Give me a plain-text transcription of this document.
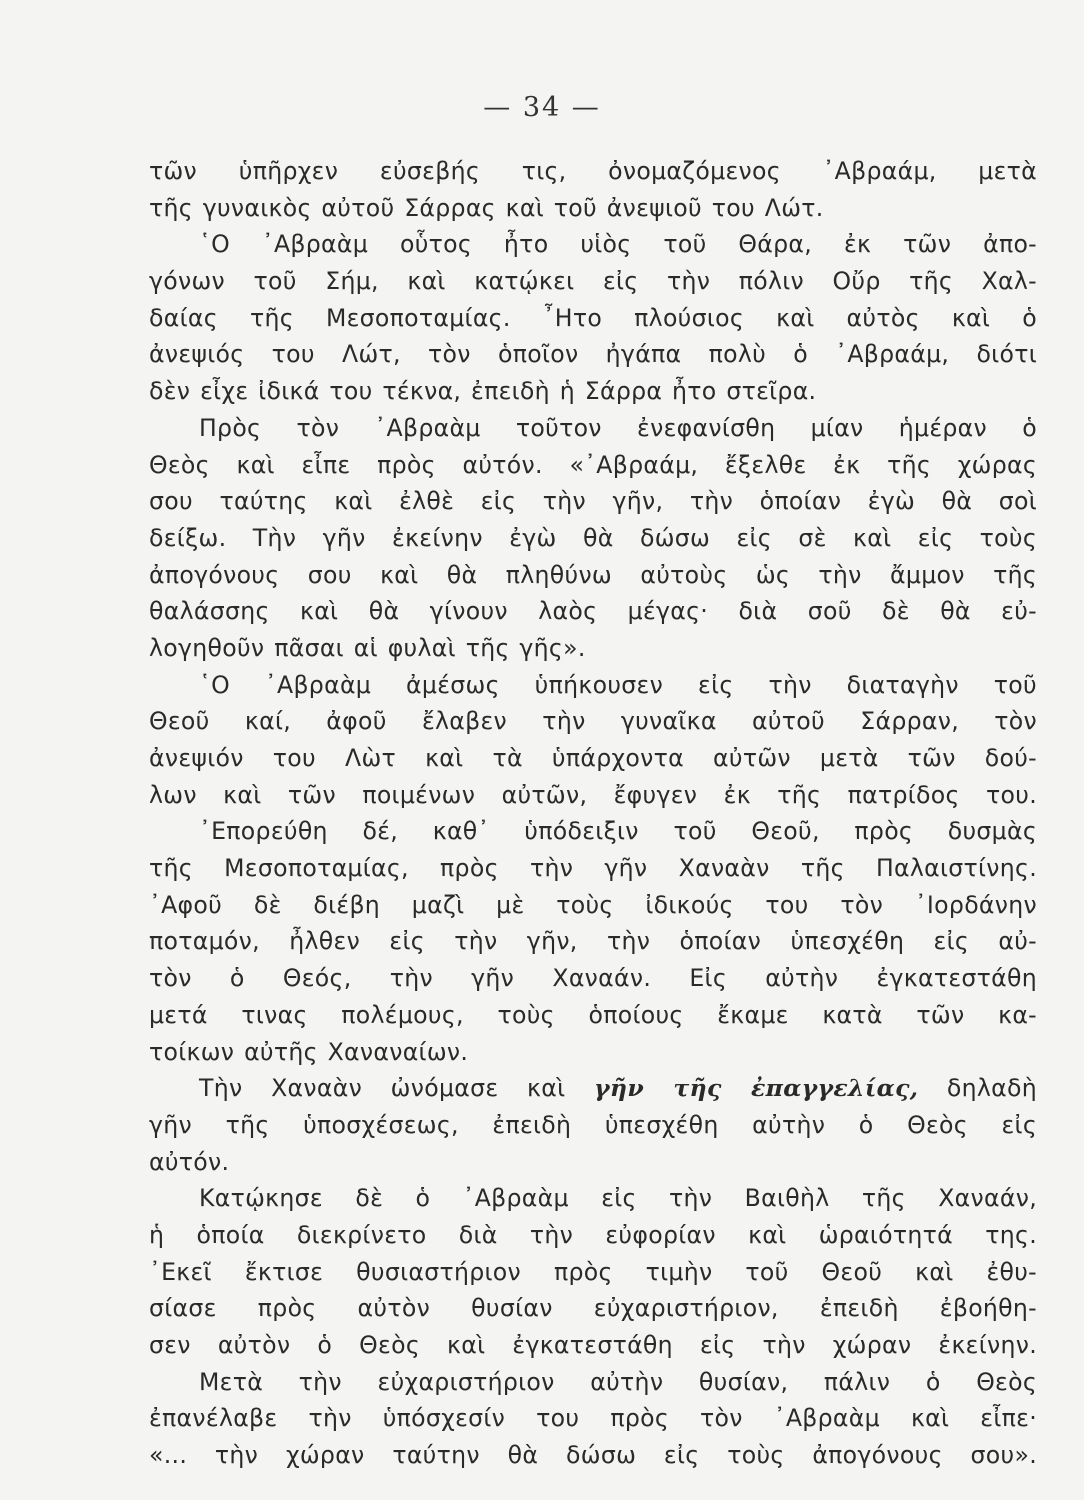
— 34 —
τῶν ὑπῆρχεν εὐσεβής τις, ὀνομαζόμενος ᾿Αβραάμ, μετὰ
τῆς γυναικὸς αὐτοῦ Σάρρας καὶ τοῦ ἀνεψιοῦ του Λώτ.
῾Ο ᾿Αβραὰμ οὗτος ἦτο υἱὸς τοῦ Θάρα, ἐκ τῶν ἀπο-
γόνων τοῦ Σήμ, καὶ κατῴκει εἰς τὴν πόλιν Οὔρ τῆς Χαλ-
δαίας τῆς Μεσοποταμίας. ῏Ητο πλούσιος καὶ αὐτὸς καὶ ὁ
ἀνεψιός του Λώτ, τὸν ὁποῖον ἠγάπα πολὺ ὁ ᾿Αβραάμ, διότι
δὲν εἶχε ἰδικά του τέκνα, ἐπειδὴ ἡ Σάρρα ἦτο στεῖρα.
Πρὸς τὸν ᾿Αβραὰμ τοῦτον ἐνεφανίσθη μίαν ἡμέραν ὁ
Θεὸς καὶ εἶπε πρὸς αὐτόν. «᾿Αβραάμ, ἔξελθε ἐκ τῆς χώρας
σου ταύτης καὶ ἐλθὲ εἰς τὴν γῆν, τὴν ὁποίαν ἐγὼ θὰ σοὶ
δείξω. Τὴν γῆν ἐκείνην ἐγὼ θὰ δώσω εἰς σὲ καὶ εἰς τοὺς
ἀπογόνους σου καὶ θὰ πληθύνω αὐτοὺς ὡς τὴν ἄμμον τῆς
θαλάσσης καὶ θὰ γίνουν λαὸς μέγας· διὰ σοῦ δὲ θὰ εὐ-
λογηθοῦν πᾶσαι αἱ φυλαὶ τῆς γῆς».
῾Ο ᾿Αβραὰμ ἀμέσως ὑπήκουσεν εἰς τὴν διαταγὴν τοῦ
Θεοῦ καί, ἀφοῦ ἔλαβεν τὴν γυναῖκα αὐτοῦ Σάρραν, τὸν
ἀνεψιόν του Λὼτ καὶ τὰ ὑπάρχοντα αὐτῶν μετὰ τῶν δού-
λων καὶ τῶν ποιμένων αὐτῶν, ἔφυγεν ἐκ τῆς πατρίδος του.
᾿Επορεύθη δέ, καθ᾿ ὑπόδειξιν τοῦ Θεοῦ, πρὸς δυσμὰς
τῆς Μεσοποταμίας, πρὸς τὴν γῆν Χαναὰν τῆς Παλαιστίνης.
᾿Αφοῦ δὲ διέβη μαζὶ μὲ τοὺς ἰδικούς του τὸν ᾿Ιορδάνην
ποταμόν, ἦλθεν εἰς τὴν γῆν, τὴν ὁποίαν ὑπεσχέθη εἰς αὐ-
τὸν ὁ Θεός, τὴν γῆν Χαναάν. Εἰς αὐτὴν ἐγκατεστάθη
μετά τινας πολέμους, τοὺς ὁποίους ἔκαμε κατὰ τῶν κα-
τοίκων αὐτῆς Χαναναίων.
Τὴν Χαναὰν ὠνόμασε καὶ γῆν τῆς ἐπαγγελίας, δηλαδὴ
γῆν τῆς ὑποσχέσεως, ἐπειδὴ ὑπεσχέθη αὐτὴν ὁ Θεὸς εἰς
αὐτόν.
Κατῴκησε δὲ ὁ ᾿Αβραὰμ εἰς τὴν Βαιθὴλ τῆς Χαναάν,
ἡ ὁποία διεκρίνετο διὰ τὴν εὐφορίαν καὶ ὡραιότητά της.
᾿Εκεῖ ἔκτισε θυσιαστήριον πρὸς τιμὴν τοῦ Θεοῦ καὶ ἐθυ-
σίασε πρὸς αὐτὸν θυσίαν εὐχαριστήριον, ἐπειδὴ ἐβοήθη-
σεν αὐτὸν ὁ Θεὸς καὶ ἐγκατεστάθη εἰς τὴν χώραν ἐκείνην.
Μετὰ τὴν εὐχαριστήριον αὐτὴν θυσίαν, πάλιν ὁ Θεὸς
ἐπανέλαβε τὴν ὑπόσχεσίν του πρὸς τὸν ᾿Αβραὰμ καὶ εἶπε·
«... τὴν χώραν ταύτην θὰ δώσω εἰς τοὺς ἀπογόνους σου».
